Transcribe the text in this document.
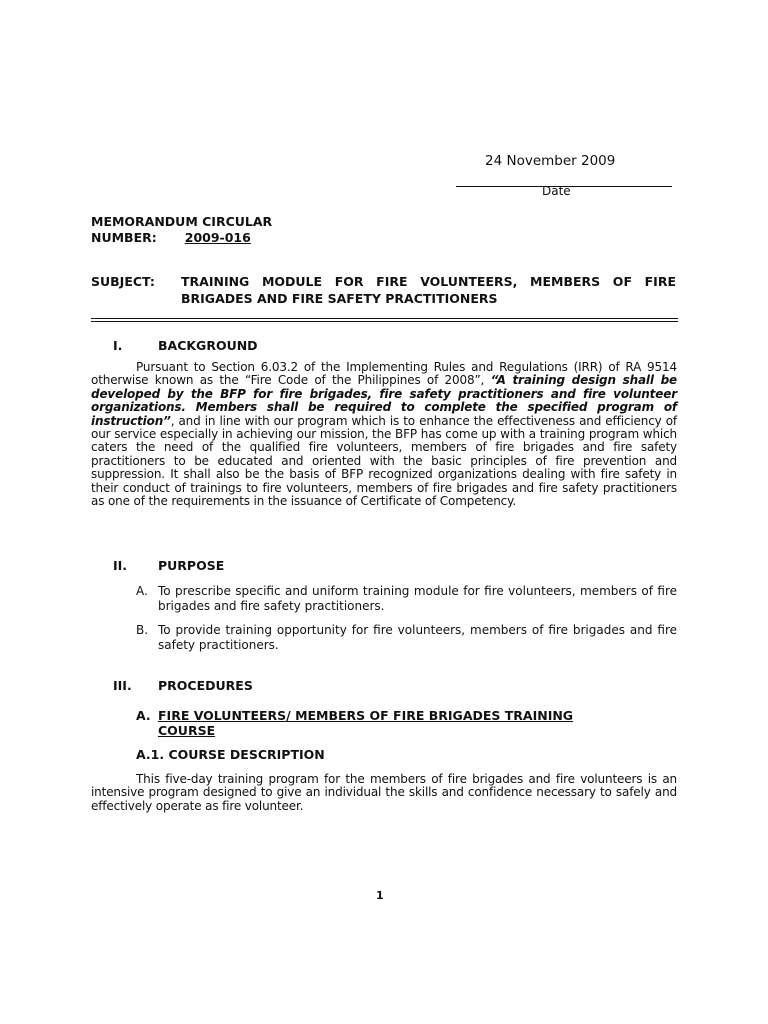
24 November 2009
Date
MEMORANDUM CIRCULAR
NUMBER: 2009-016
SUBJECT: TRAINING MODULE FOR FIRE VOLUNTEERS, MEMBERS OF FIRE BRIGADES AND FIRE SAFETY PRACTITIONERS
I.	BACKGROUND
Pursuant to Section 6.03.2 of the Implementing Rules and Regulations (IRR) of RA 9514 otherwise known as the “Fire Code of the Philippines of 2008”, “A training design shall be developed by the BFP for fire brigades, fire safety practitioners and fire volunteer organizations. Members shall be required to complete the specified program of instruction”, and in line with our program which is to enhance the effectiveness and efficiency of our service especially in achieving our mission, the BFP has come up with a training program which caters the need of the qualified fire volunteers, members of fire brigades and fire safety practitioners to be educated and oriented with the basic principles of fire prevention and suppression. It shall also be the basis of BFP recognized organizations dealing with fire safety in their conduct of trainings to fire volunteers, members of fire brigades and fire safety practitioners as one of the requirements in the issuance of Certificate of Competency.
II. PURPOSE
A. To prescribe specific and uniform training module for fire volunteers, members of fire brigades and fire safety practitioners.
B. To provide training opportunity for fire volunteers, members of fire brigades and fire safety practitioners.
III. PROCEDURES
A. FIRE VOLUNTEERS/ MEMBERS OF FIRE BRIGADES TRAINING COURSE
A.1. COURSE DESCRIPTION
This five-day training program for the members of fire brigades and fire volunteers is an intensive program designed to give an individual the skills and confidence necessary to safely and effectively operate as fire volunteer.
1
